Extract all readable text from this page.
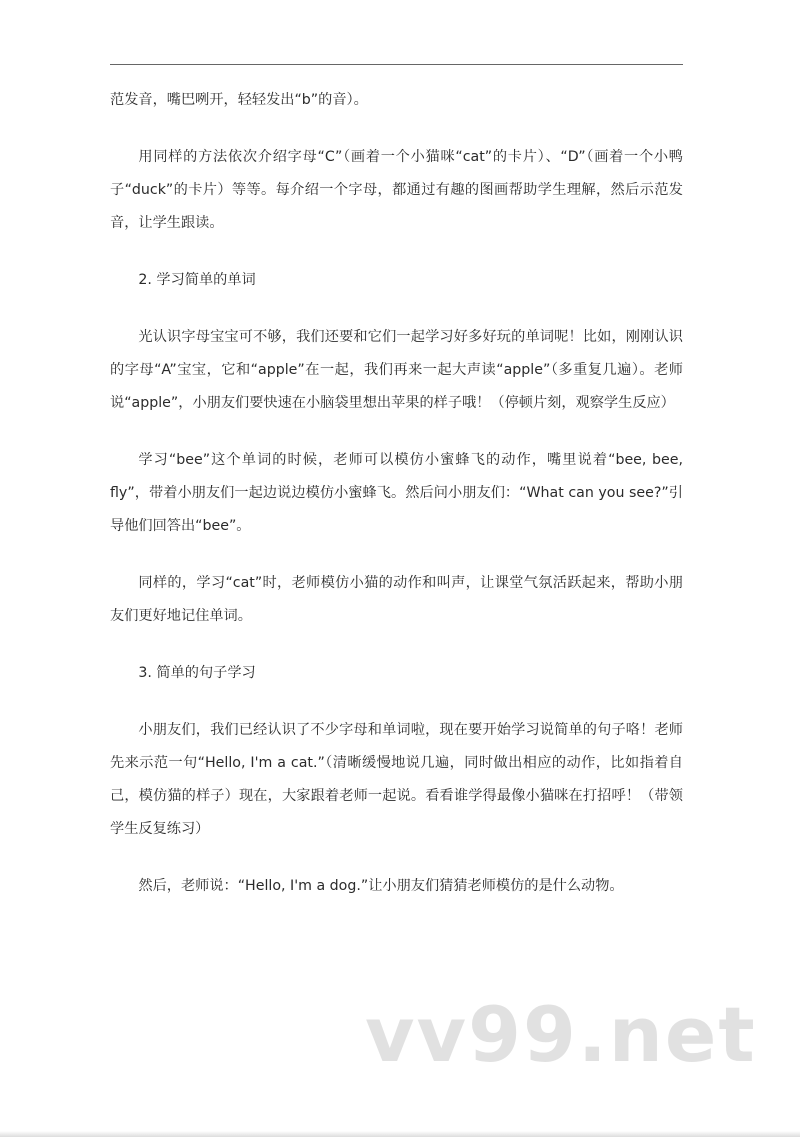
范发音，嘴巴咧开，轻轻发出“b”的音）。

用同样的方法依次介绍字母“C”（画着一个小猫咪“cat”的卡片）、“D”（画着一个小鸭子“duck”的卡片）等等。每介绍一个字母，都通过有趣的图画帮助学生理解，然后示范发音，让学生跟读。

2. 学习简单的单词

光认识字母宝宝可不够，我们还要和它们一起学习好多好玩的单词呢！比如，刚刚认识的字母“A”宝宝，它和“apple”在一起，我们再来一起大声读“apple”（多重复几遍）。老师说“apple”，小朋友们要快速在小脑袋里想出苹果的样子哦！（停顿片刻，观察学生反应）

学习“bee”这个单词的时候，老师可以模仿小蜜蜂飞的动作，嘴里说着“bee, bee, fly”，带着小朋友们一起边说边模仿小蜜蜂飞。然后问小朋友们：“What can you see?”引导他们回答出“bee”。

同样的，学习“cat”时，老师模仿小猫的动作和叫声，让课堂气氛活跃起来，帮助小朋友们更好地记住单词。

3. 简单的句子学习

小朋友们，我们已经认识了不少字母和单词啦，现在要开始学习说简单的句子咯！老师先来示范一句“Hello, I'm a cat.”（清晰缓慢地说几遍，同时做出相应的动作，比如指着自己，模仿猫的样子）现在，大家跟着老师一起说。看看谁学得最像小猫咪在打招呼！（带领学生反复练习）

然后，老师说：“Hello, I'm a dog.”让小朋友们猜猜老师模仿的是什么动物。

vv99.net
